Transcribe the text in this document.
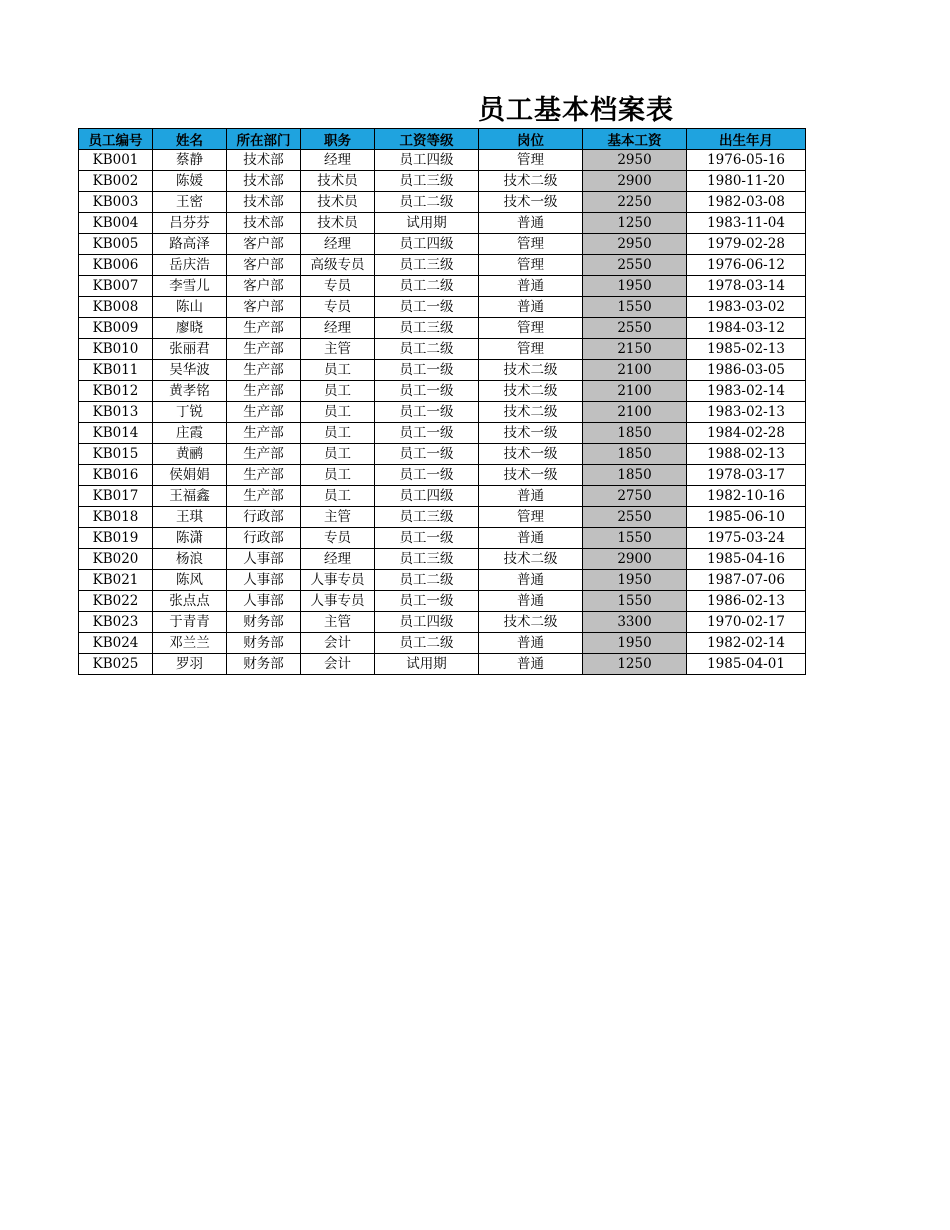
员工基本档案表
员工编号	姓名	所在部门	职务	工资等级	岗位	基本工资	出生年月
KB001	蔡静	技术部	经理	员工四级	管理	2950	1976-05-16
KB002	陈媛	技术部	技术员	员工三级	技术二级	2900	1980-11-20
KB003	王密	技术部	技术员	员工二级	技术一级	2250	1982-03-08
KB004	吕芬芬	技术部	技术员	试用期	普通	1250	1983-11-04
KB005	路高泽	客户部	经理	员工四级	管理	2950	1979-02-28
KB006	岳庆浩	客户部	高级专员	员工三级	管理	2550	1976-06-12
KB007	李雪儿	客户部	专员	员工二级	普通	1950	1978-03-14
KB008	陈山	客户部	专员	员工一级	普通	1550	1983-03-02
KB009	廖晓	生产部	经理	员工三级	管理	2550	1984-03-12
KB010	张丽君	生产部	主管	员工二级	管理	2150	1985-02-13
KB011	吴华波	生产部	员工	员工一级	技术二级	2100	1986-03-05
KB012	黄孝铭	生产部	员工	员工一级	技术二级	2100	1983-02-14
KB013	丁锐	生产部	员工	员工一级	技术二级	2100	1983-02-13
KB014	庄霞	生产部	员工	员工一级	技术一级	1850	1984-02-28
KB015	黄鹂	生产部	员工	员工一级	技术一级	1850	1988-02-13
KB016	侯娟娟	生产部	员工	员工一级	技术一级	1850	1978-03-17
KB017	王福鑫	生产部	员工	员工四级	普通	2750	1982-10-16
KB018	王琪	行政部	主管	员工三级	管理	2550	1985-06-10
KB019	陈潇	行政部	专员	员工一级	普通	1550	1975-03-24
KB020	杨浪	人事部	经理	员工三级	技术二级	2900	1985-04-16
KB021	陈风	人事部	人事专员	员工二级	普通	1950	1987-07-06
KB022	张点点	人事部	人事专员	员工一级	普通	1550	1986-02-13
KB023	于青青	财务部	主管	员工四级	技术二级	3300	1970-02-17
KB024	邓兰兰	财务部	会计	员工二级	普通	1950	1982-02-14
KB025	罗羽	财务部	会计	试用期	普通	1250	1985-04-01
